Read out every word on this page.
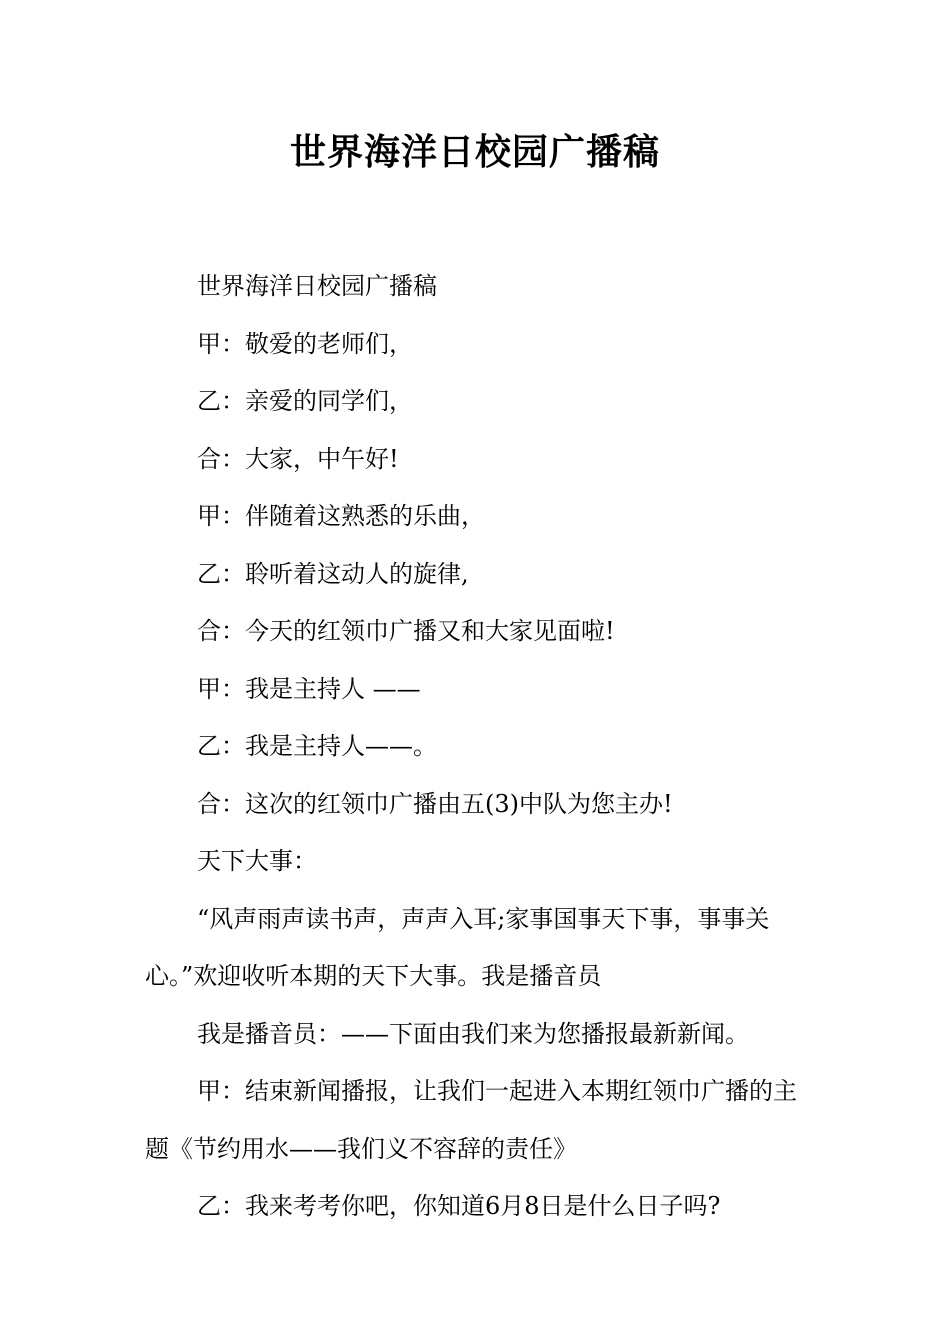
世界海洋日校园广播稿

世界海洋日校园广播稿

甲：敬爱的老师们，

乙：亲爱的同学们，

合：大家，中午好!

甲：伴随着这熟悉的乐曲，

乙：聆听着这动人的旋律,

合：今天的红领巾广播又和大家见面啦!

甲：我是主持人 ——

乙：我是主持人——。

合：这次的红领巾广播由五(3)中队为您主办!

天下大事：

“风声雨声读书声，声声入耳;家事国事天下事，事事关心。”欢迎收听本期的天下大事。我是播音员

我是播音员：——下面由我们来为您播报最新新闻。

甲：结束新闻播报，让我们一起进入本期红领巾广播的主题《节约用水——我们义不容辞的责任》

乙：我来考考你吧，你知道6月8日是什么日子吗?
